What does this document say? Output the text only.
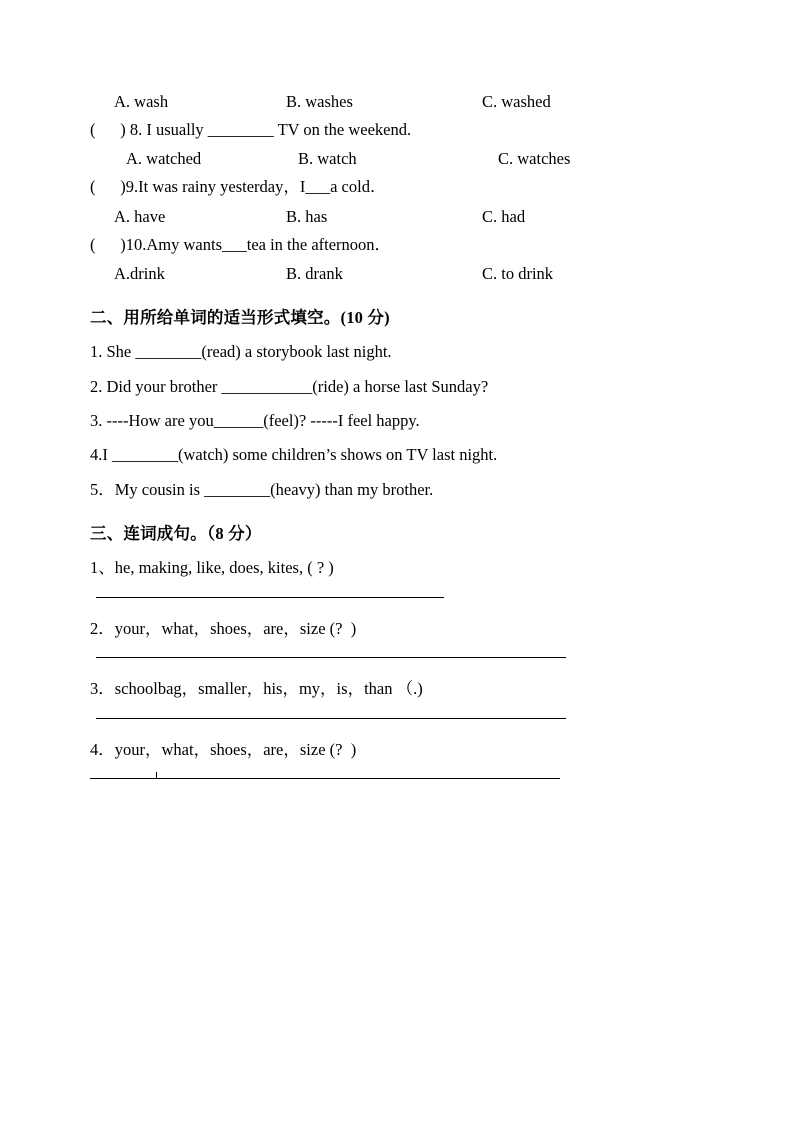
A. wash	B. washes	C. washed
(      ) 8. I usually ________ TV on the weekend.
A. watched	B. watch	C. watches
(      )9.It was rainy yesterday，I___a cold．
A. have	B. has	C. had
(      )10.Amy wants___tea in the afternoon．
A.drink	B. drank	C. to drink
二、用所给单词的适当形式填空。(10 分)
1. She ________(read) a storybook last night.
2. Did your brother ___________(ride) a horse last Sunday?
3. ----How are you______(feel)? -----I feel happy.
4.I ________(watch) some children’s shows on TV last night.
5．My cousin is ________(heavy) than my brother.
三、连词成句。（8 分）
1、he, making, like, does, kites, ( ? )
2．your，what，shoes，are，size (?  )
3．schoolbag，smaller，his，my，is，than （.)
4．your，what，shoes，are，size (?  )
